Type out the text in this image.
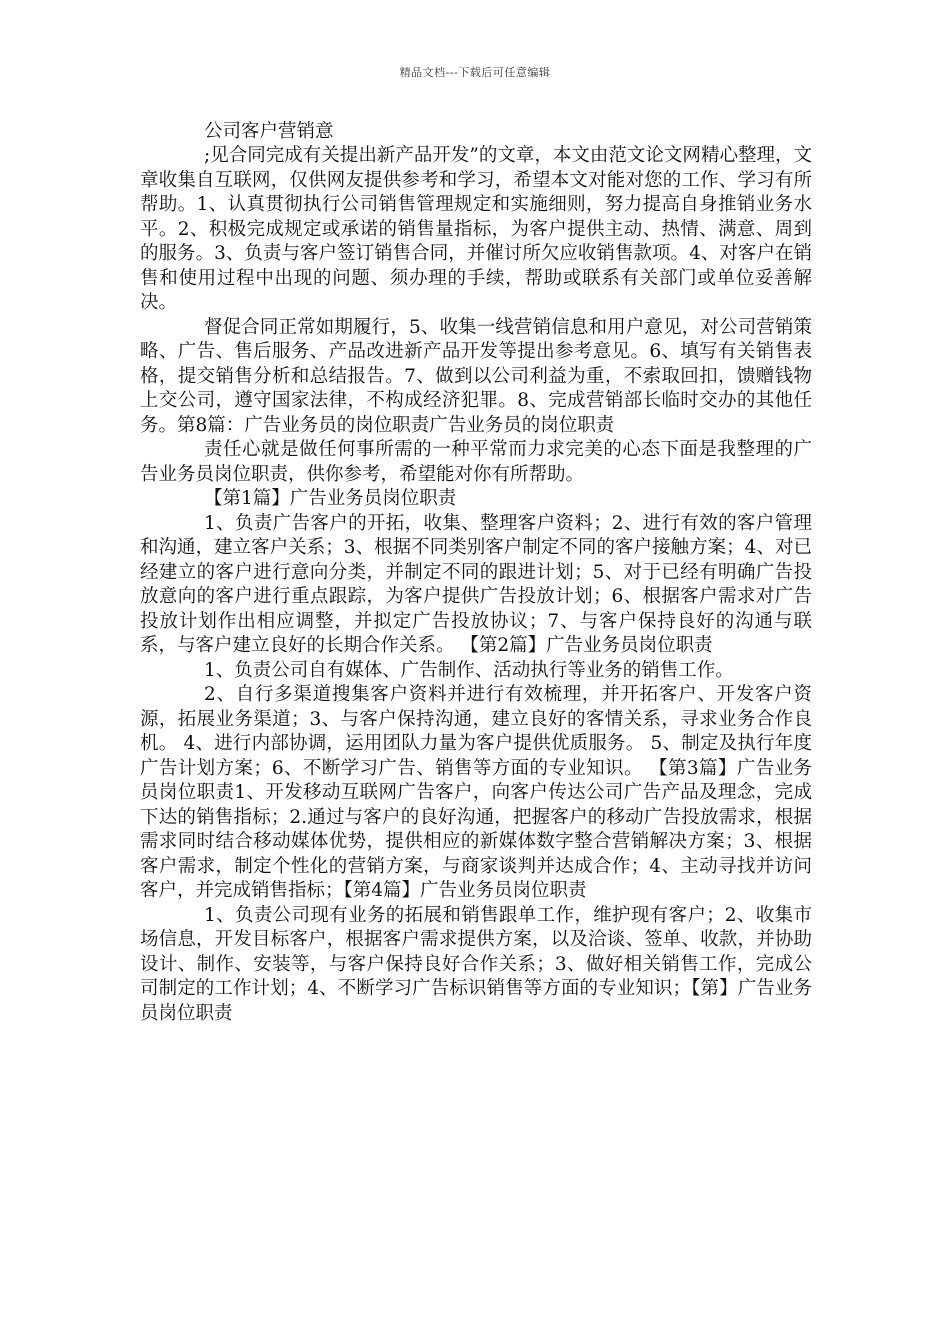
精品文档---下载后可任意编辑
公司客户营销意

;见合同完成有关提出新产品开发”的文章，本文由范文论文网精心整理，文章收集自互联网，仅供网友提供参考和学习，希望本文对能对您的工作、学习有所帮助。1、认真贯彻执行公司销售管理规定和实施细则，努力提高自身推销业务水平。2、积极完成规定或承诺的销售量指标，为客户提供主动、热情、满意、周到的服务。3、负责与客户签订销售合同，并催讨所欠应收销售款项。4、对客户在销售和使用过程中出现的问题、须办理的手续，帮助或联系有关部门或单位妥善解决。

督促合同正常如期履行，5、收集一线营销信息和用户意见，对公司营销策略、广告、售后服务、产品改进新产品开发等提出参考意见。6、填写有关销售表格，提交销售分析和总结报告。7、做到以公司利益为重，不索取回扣，馈赠钱物上交公司，遵守国家法律，不构成经济犯罪。8、完成营销部长临时交办的其他任务。第8篇：广告业务员的岗位职责广告业务员的岗位职责

责任心就是做任何事所需的一种平常而力求完美的心态下面是我整理的广告业务员岗位职责，供你参考，希望能对你有所帮助。

【第1篇】广告业务员岗位职责

1、负责广告客户的开拓，收集、整理客户资料；2、进行有效的客户管理和沟通，建立客户关系；3、根据不同类别客户制定不同的客户接触方案；4、对已经建立的客户进行意向分类，并制定不同的跟进计划；5、对于已经有明确广告投放意向的客户进行重点跟踪，为客户提供广告投放计划；6、根据客户需求对广告投放计划作出相应调整，并拟定广告投放协议；7、与客户保持良好的沟通与联系，与客户建立良好的长期合作关系。 【第2篇】广告业务员岗位职责

1、负责公司自有媒体、广告制作、活动执行等业务的销售工作。

2、自行多渠道搜集客户资料并进行有效梳理，并开拓客户、开发客户资源，拓展业务渠道；3、与客户保持沟通，建立良好的客情关系，寻求业务合作良机。 4、进行内部协调，运用团队力量为客户提供优质服务。 5、制定及执行年度广告计划方案；6、不断学习广告、销售等方面的专业知识。 【第3篇】广告业务员岗位职责1、开发移动互联网广告客户，向客户传达公司广告产品及理念，完成下达的销售指标；2.通过与客户的良好沟通，把握客户的移动广告投放需求，根据需求同时结合移动媒体优势，提供相应的新媒体数字整合营销解决方案；3、根据客户需求，制定个性化的营销方案，与商家谈判并达成合作；4、主动寻找并访问客户，并完成销售指标；【第4篇】广告业务员岗位职责

1、负责公司现有业务的拓展和销售跟单工作，维护现有客户；2、收集市场信息，开发目标客户，根据客户需求提供方案，以及洽谈、签单、收款，并协助设计、制作、安装等，与客户保持良好合作关系；3、做好相关销售工作，完成公司制定的工作计划；4、不断学习广告标识销售等方面的专业知识；【第】广告业务员岗位职责
